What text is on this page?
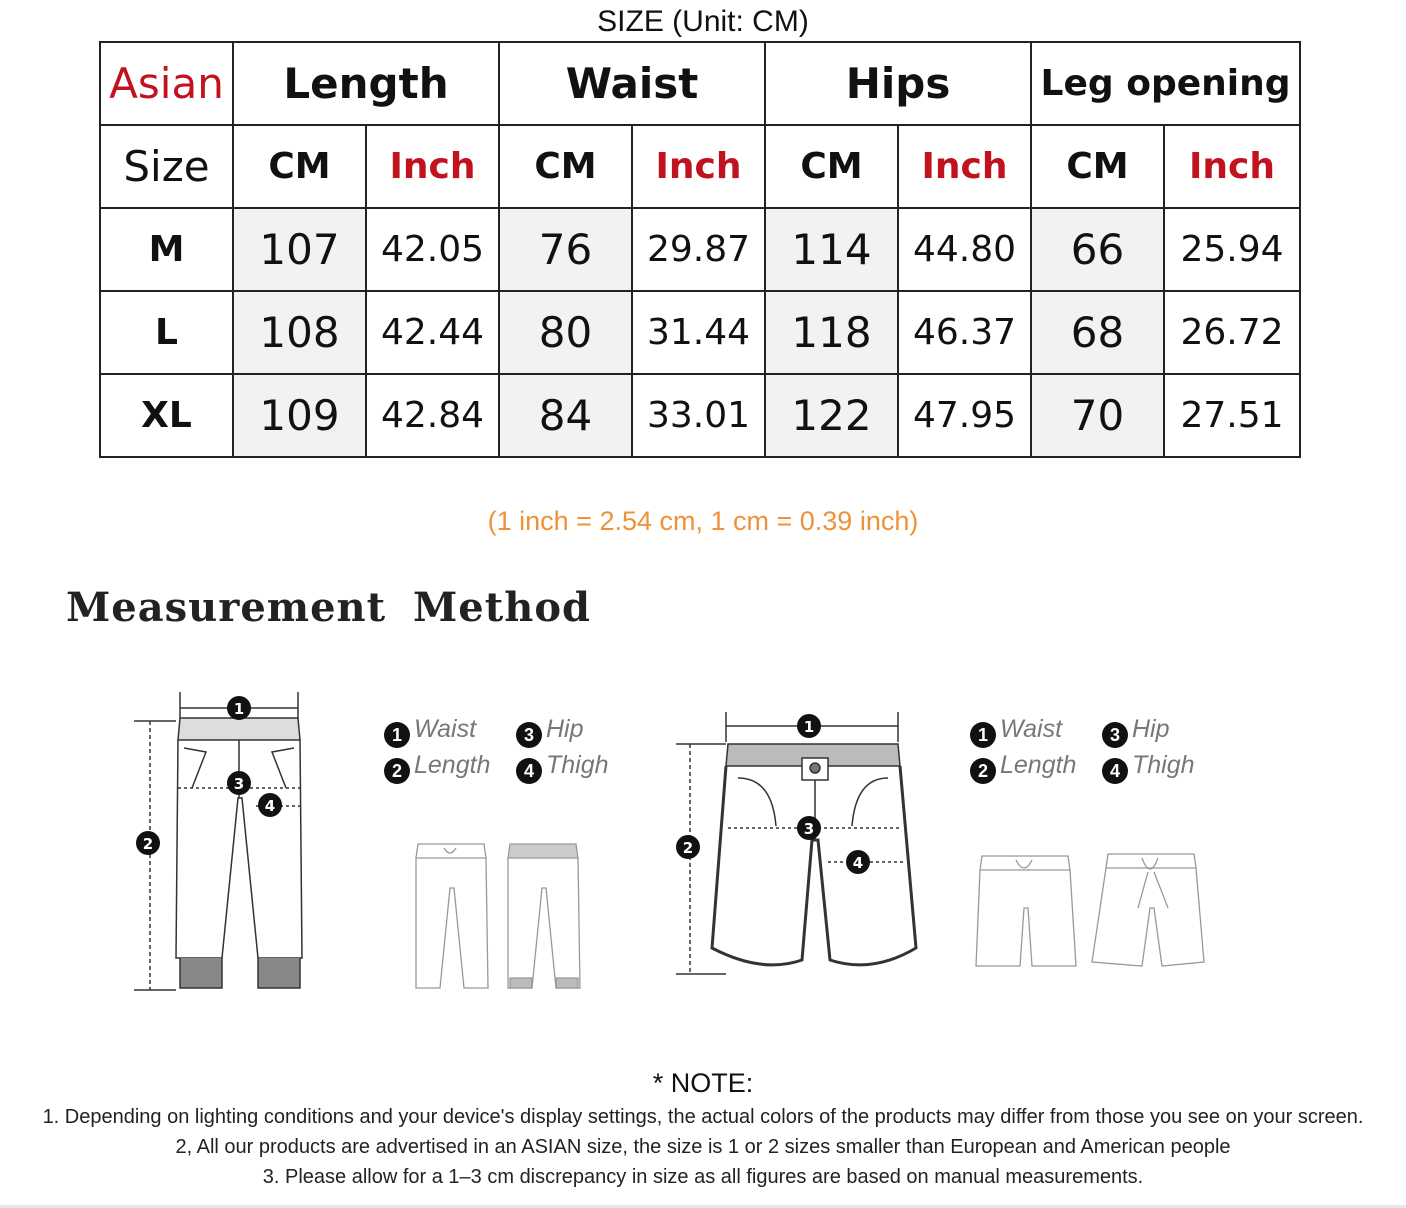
SIZE (Unit: CM)
Asian	Length		Waist		Hips		Leg opening	
Size	CM	Inch	CM	Inch	CM	Inch	CM	Inch
M	107	42.05	76	29.87	114	44.80	66	25.94
L	108	42.44	80	31.44	118	46.37	68	26.72
XL	109	42.84	84	33.01	122	47.95	70	27.51
(1 inch = 2.54 cm, 1 cm = 0.39 inch)
Measurement Method
1 Waist	3 Hip
2 Length 4 Thigh
1 Waist	3 Hip
2 Length 4 Thigh
1
3
4
2
1
3
4
2
* NOTE:
1. Depending on lighting conditions and your device's display settings, the actual colors of the products may differ from those you see on your screen.
2, All our products are advertised in an ASIAN size, the size is 1 or 2 sizes smaller than European and American people
3. Please allow for a 1–3 cm discrepancy in size as all figures are based on manual measurements.
